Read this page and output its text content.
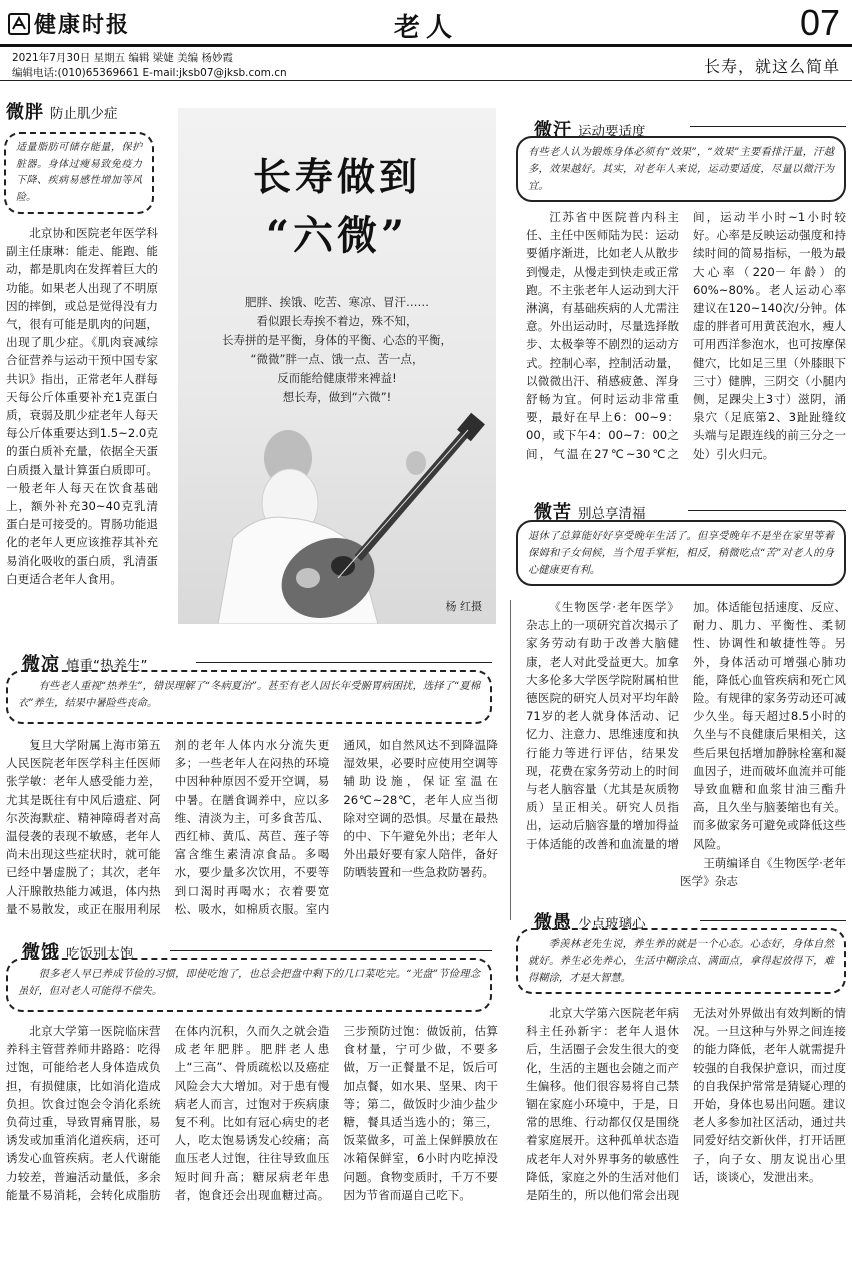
健康时报	老人	07
2021年7月30日 星期五 编辑 梁婕 美编 杨妙霞
编辑电话:(010)65369661 E-mail:jksb07@jksb.com.cn	长寿，就这么简单
微胖 防止肌少症
适量脂肪可储存能量，保护脏器。身体过瘦易致免疫力下降、疾病易感性增加等风险。
北京协和医院老年医学科副主任康琳：能走、能跑、能动，都是肌肉在发挥着巨大的功能。如果老人出现了不明原因的摔倒，或总是觉得没有力气，很有可能是肌肉的问题，出现了肌少症。《肌肉衰减综合征营养与运动干预中国专家共识》指出，正常老年人群每天每公斤体重要补充1克蛋白质，衰弱及肌少症老年人每天每公斤体重要达到1.5~2.0克的蛋白质补充量，依据全天蛋白质摄入量计算蛋白质即可。一般老年人每天在饮食基础上，额外补充30~40克乳清蛋白是可接受的。胃肠功能退化的老年人更应该推荐其补充易消化吸收的蛋白质，乳清蛋白更适合老年人食用。
长寿做到
“六微”
肥胖、挨饿、吃苦、寒凉、冒汗……
看似跟长寿挨不着边，殊不知，
长寿拼的是平衡，身体的平衡、心态的平衡，
“微微”胖一点、饿一点、苦一点，
反而能给健康带来裨益!
想长寿，做到“六微”!
杨 红摄
微汗 运动要适度
有些老人认为锻炼身体必须有“效果”，“效果”主要看排汗量，汗越多，效果越好。其实，对老年人来说，运动要适度，尽量以微汗为宜。
江苏省中医院普内科主任、主任中医师陆为民：运动要循序渐进，比如老人从散步到慢走，从慢走到快走或正常跑。不主张老年人运动到大汗淋漓，有基础疾病的人尤需注意。外出运动时，尽量选择散步、太极拳等不剧烈的运动方式。控制心率，控制活动量，以微微出汗、稍感疲惫、浑身舒畅为宜。何时运动非常重要，最好在早上6：00~9：00，或下午4：00~7：00之间，气温在27℃~30℃之间，运动半小时~1小时较好。心率是反映运动强度和持续时间的简易指标，一般为最大心率（220－年龄）的60%~80%。老人运动心率建议在120~140次/分钟。体虚的胖者可用黄芪泡水，瘦人可用西洋参泡水，也可按摩保健穴，比如足三里（外膝眼下三寸）健脾，三阴交（小腿内侧，足踝尖上3寸）滋阴，涌泉穴（足底第2、3趾趾缝纹头端与足跟连线的前三分之一处）引火归元。
微苦 别总享清福
退休了总算能好好享受晚年生活了。但享受晚年不是坐在家里等着保姆和子女伺候，当个甩手掌柜，相反，稍微吃点“苦”对老人的身心健康更有利。
《生物医学·老年医学》杂志上的一项研究首次揭示了家务劳动有助于改善大脑健康，老人对此受益更大。加拿大多伦多大学医学院附属柏世德医院的研究人员对平均年龄71岁的老人就身体活动、记忆力、注意力、思维速度和执行能力等进行评估，结果发现，花费在家务劳动上的时间与老人脑容量（尤其是灰质物质）呈正相关。研究人员指出，运动后脑容量的增加得益于体适能的改善和血流量的增加。体适能包括速度、反应、耐力、肌力、平衡性、柔韧性、协调性和敏捷性等。另外，身体活动可增强心肺功能，降低心血管疾病和死亡风险。有规律的家务劳动还可减少久坐。每天超过8.5小时的久坐与不良健康后果相关，这些后果包括增加静脉栓塞和凝血因子，进而破坏血流并可能导致血糖和血浆甘油三酯升高，且久坐与脑萎缩也有关。而多做家务可避免或降低这些风险。
王萌编译自《生物医学·老年医学》杂志
微凉 慎重“热养生”
有些老人重视“热养生”，错误理解了“冬病夏治”。甚至有老人因长年受腑胃病困扰，选择了“夏棉衣”养生，结果中暑险些丧命。
复旦大学附属上海市第五人民医院老年医学科主任医师张学敏：老年人感受能力差，尤其是既往有中风后遗症、阿尔茨海默症、精神障碍者对高温侵袭的表现不敏感，老年人尚未出现这些症状时，就可能已经中暑虚脱了；其次，老年人汗腺散热能力减退，体内热量不易散发，或正在服用利尿剂的老年人体内水分流失更多；一些老年人在闷热的环境中因种种原因不爱开空调，易中暑。在膳食调养中，应以多维、清淡为主，可多食苦瓜、西红柿、黄瓜、莴苣、莲子等富含维生素清凉食品。多喝水，要少量多次饮用，不要等到口渴时再喝水；衣着要宽松、吸水，如棉质衣服。室内通风，如自然风达不到降温降湿效果，必要时应使用空调等辅助设施，保证室温在26℃~28℃，老年人应当彻除对空调的恐惧。尽量在最热的中、下午避免外出；老年人外出最好要有家人陪伴，备好防晒装置和一些急救防暑药。
微饿 吃饭别太饱
很多老人早已养成节俭的习惯，即使吃饱了，也总会把盘中剩下的几口菜吃完。“光盘”节俭理念虽好，但对老人可能得不偿失。
北京大学第一医院临床营养科主管营养师井路路：吃得过饱，可能给老人身体造成负担，有损健康，比如消化造成负担。饮食过饱会令消化系统负荷过重，导致胃痛胃胀，易诱发或加重消化道疾病，还可诱发心血管疾病。老人代谢能力较差，普遍活动量低，多余能量不易消耗，会转化成脂肪在体内沉积，久而久之就会造成老年肥胖。肥胖老人患上“三高”、骨质疏松以及癌症风险会大大增加。对于患有慢病老人而言，过饱对于疾病康复不利。比如有冠心病史的老人，吃太饱易诱发心绞痛；高血压老人过饱，往往导致血压短时间升高；糖尿病老年患者，饱食还会出现血糖过高。三步预防过饱：做饭前，估算食材量，宁可少做，不要多做，万一正餐量不足，饭后可加点餐，如水果、坚果、肉干等；第二，做饭时少油少盐少糖，餐具适当选小的；第三，饭菜做多，可盖上保鲜膜放在冰箱保鲜室，6小时内吃掉没问题。食物变质时，千万不要因为节省而逼自己吃下。
微愚 少点玻璃心
季羡林老先生说，养生养的就是一个心态。心态好，身体自然就好。养生必先养心，生活中糊涂点、满面点，拿得起放得下，难得糊涂，才是大智慧。
北京大学第六医院老年病科主任孙新宇：老年人退休后，生活圈子会发生很大的变化，生活的主题也会随之而产生偏移。他们很容易将自己禁锢在家庭小环境中，于是，日常的思维、行动都仅仅是围绕着家庭展开。这种孤单状态造成老年人对外界事务的敏感性降低，家庭之外的生活对他们是陌生的，所以他们常会出现无法对外界做出有效判断的情况。一旦这种与外界之间连接的能力降低，老年人就需提升较强的自我保护意识，而过度的自我保护常常是猜疑心理的开始，身体也易出问题。建议老人多参加社区活动，通过共同爱好结交新伙伴，打开话匣子，向子女、朋友说出心里话，谈谈心，发泄出来。
